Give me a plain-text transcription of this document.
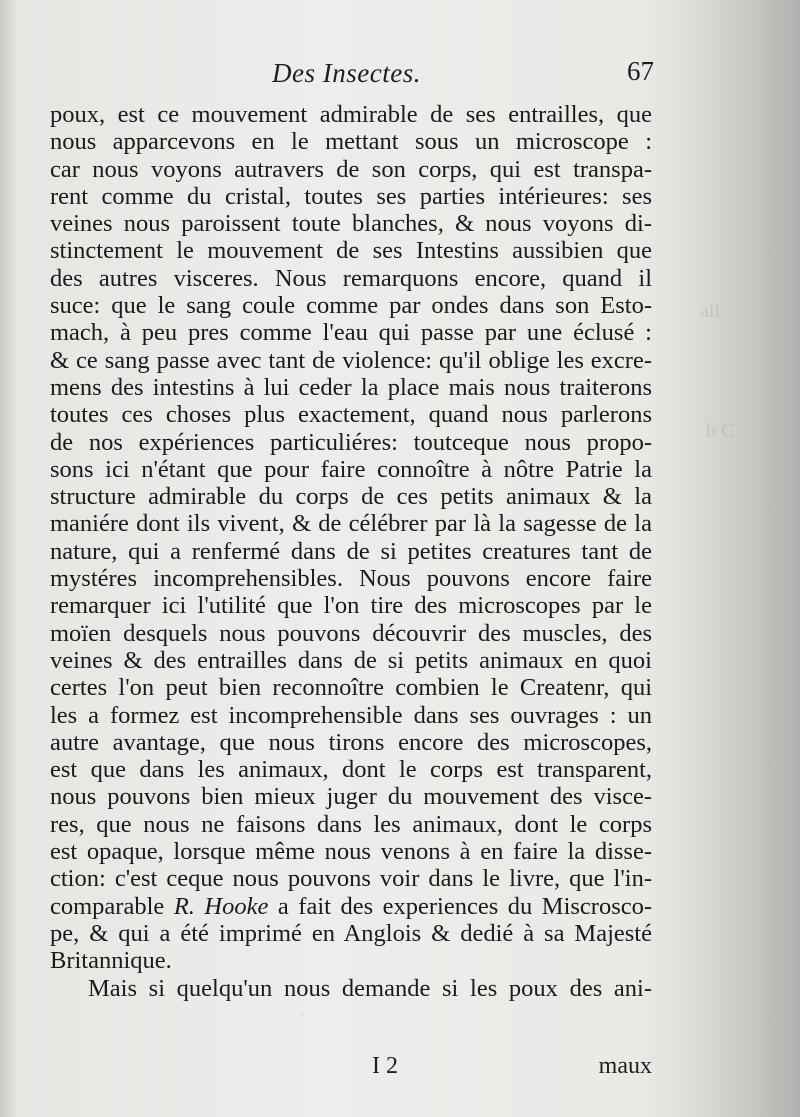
aii
b C
.
Des Insectes.	67
poux, est ce mouvement admirable de ses entrailles, que
nous apparcevons en le mettant sous un microscope :
car nous voyons autravers de son corps, qui est transpa-
rent comme du cristal, toutes ses parties intérieures: ses
veines nous paroissent toute blanches, & nous voyons di-
stinctement le mouvement de ses Intestins aussibien que
des autres visceres. Nous remarquons encore, quand il
suce: que le sang coule comme par ondes dans son Esto-
mach, à peu pres comme l'eau qui passe par une éclusé :
& ce sang passe avec tant de violence: qu'il oblige les excre-
mens des intestins à lui ceder la place mais nous traiterons
toutes ces choses plus exactement, quand nous parlerons
de nos expériences particuliéres: toutceque nous propo-
sons ici n'étant que pour faire connoître à nôtre Patrie la
structure admirable du corps de ces petits animaux & la
maniére dont ils vivent, & de célébrer par là la sagesse de la
nature, qui a renfermé dans de si petites creatures tant de
mystéres incomprehensibles. Nous pouvons encore faire
remarquer ici l'utilité que l'on tire des microscopes par le
moïen desquels nous pouvons découvrir des muscles, des
veines & des entrailles dans de si petits animaux en quoi
certes l'on peut bien reconnoître combien le Createnr, qui
les a formez est incomprehensible dans ses ouvrages : un
autre avantage, que nous tirons encore des microscopes,
est que dans les animaux, dont le corps est transparent,
nous pouvons bien mieux juger du mouvement des visce-
res, que nous ne faisons dans les animaux, dont le corps
est opaque, lorsque même nous venons à en faire la disse-
ction: c'est ceque nous pouvons voir dans le livre, que l'in-
comparable R. Hooke a fait des experiences du Miscrosco-
pe, & qui a été imprimé en Anglois & dedié à sa Majesté
Britannique.
Mais si quelqu'un nous demande si les poux des ani-
I 2	maux
